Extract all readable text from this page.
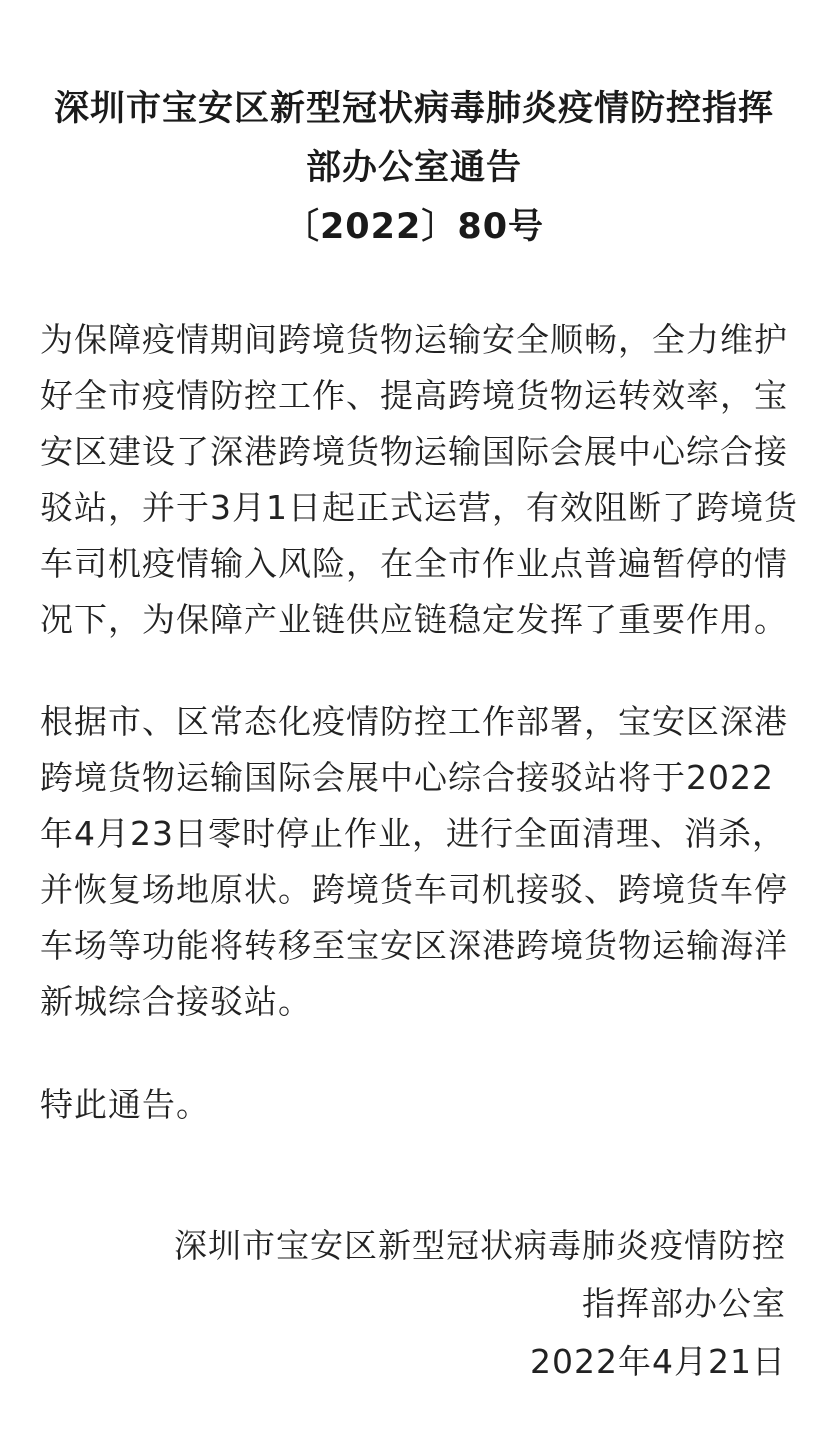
深圳市宝安区新型冠状病毒肺炎疫情防控指挥
部办公室通告
〔2022〕80号
为保障疫情期间跨境货物运输安全顺畅，全力维护
好全市疫情防控工作、提高跨境货物运转效率，宝
安区建设了深港跨境货物运输国际会展中心综合接
驳站，并于3月1日起正式运营，有效阻断了跨境货
车司机疫情输入风险，在全市作业点普遍暂停的情
况下，为保障产业链供应链稳定发挥了重要作用。
根据市、区常态化疫情防控工作部署，宝安区深港
跨境货物运输国际会展中心综合接驳站将于2022
年4月23日零时停止作业，进行全面清理、消杀，
并恢复场地原状。跨境货车司机接驳、跨境货车停
车场等功能将转移至宝安区深港跨境货物运输海洋
新城综合接驳站。
特此通告。
深圳市宝安区新型冠状病毒肺炎疫情防控
指挥部办公室
2022年4月21日
